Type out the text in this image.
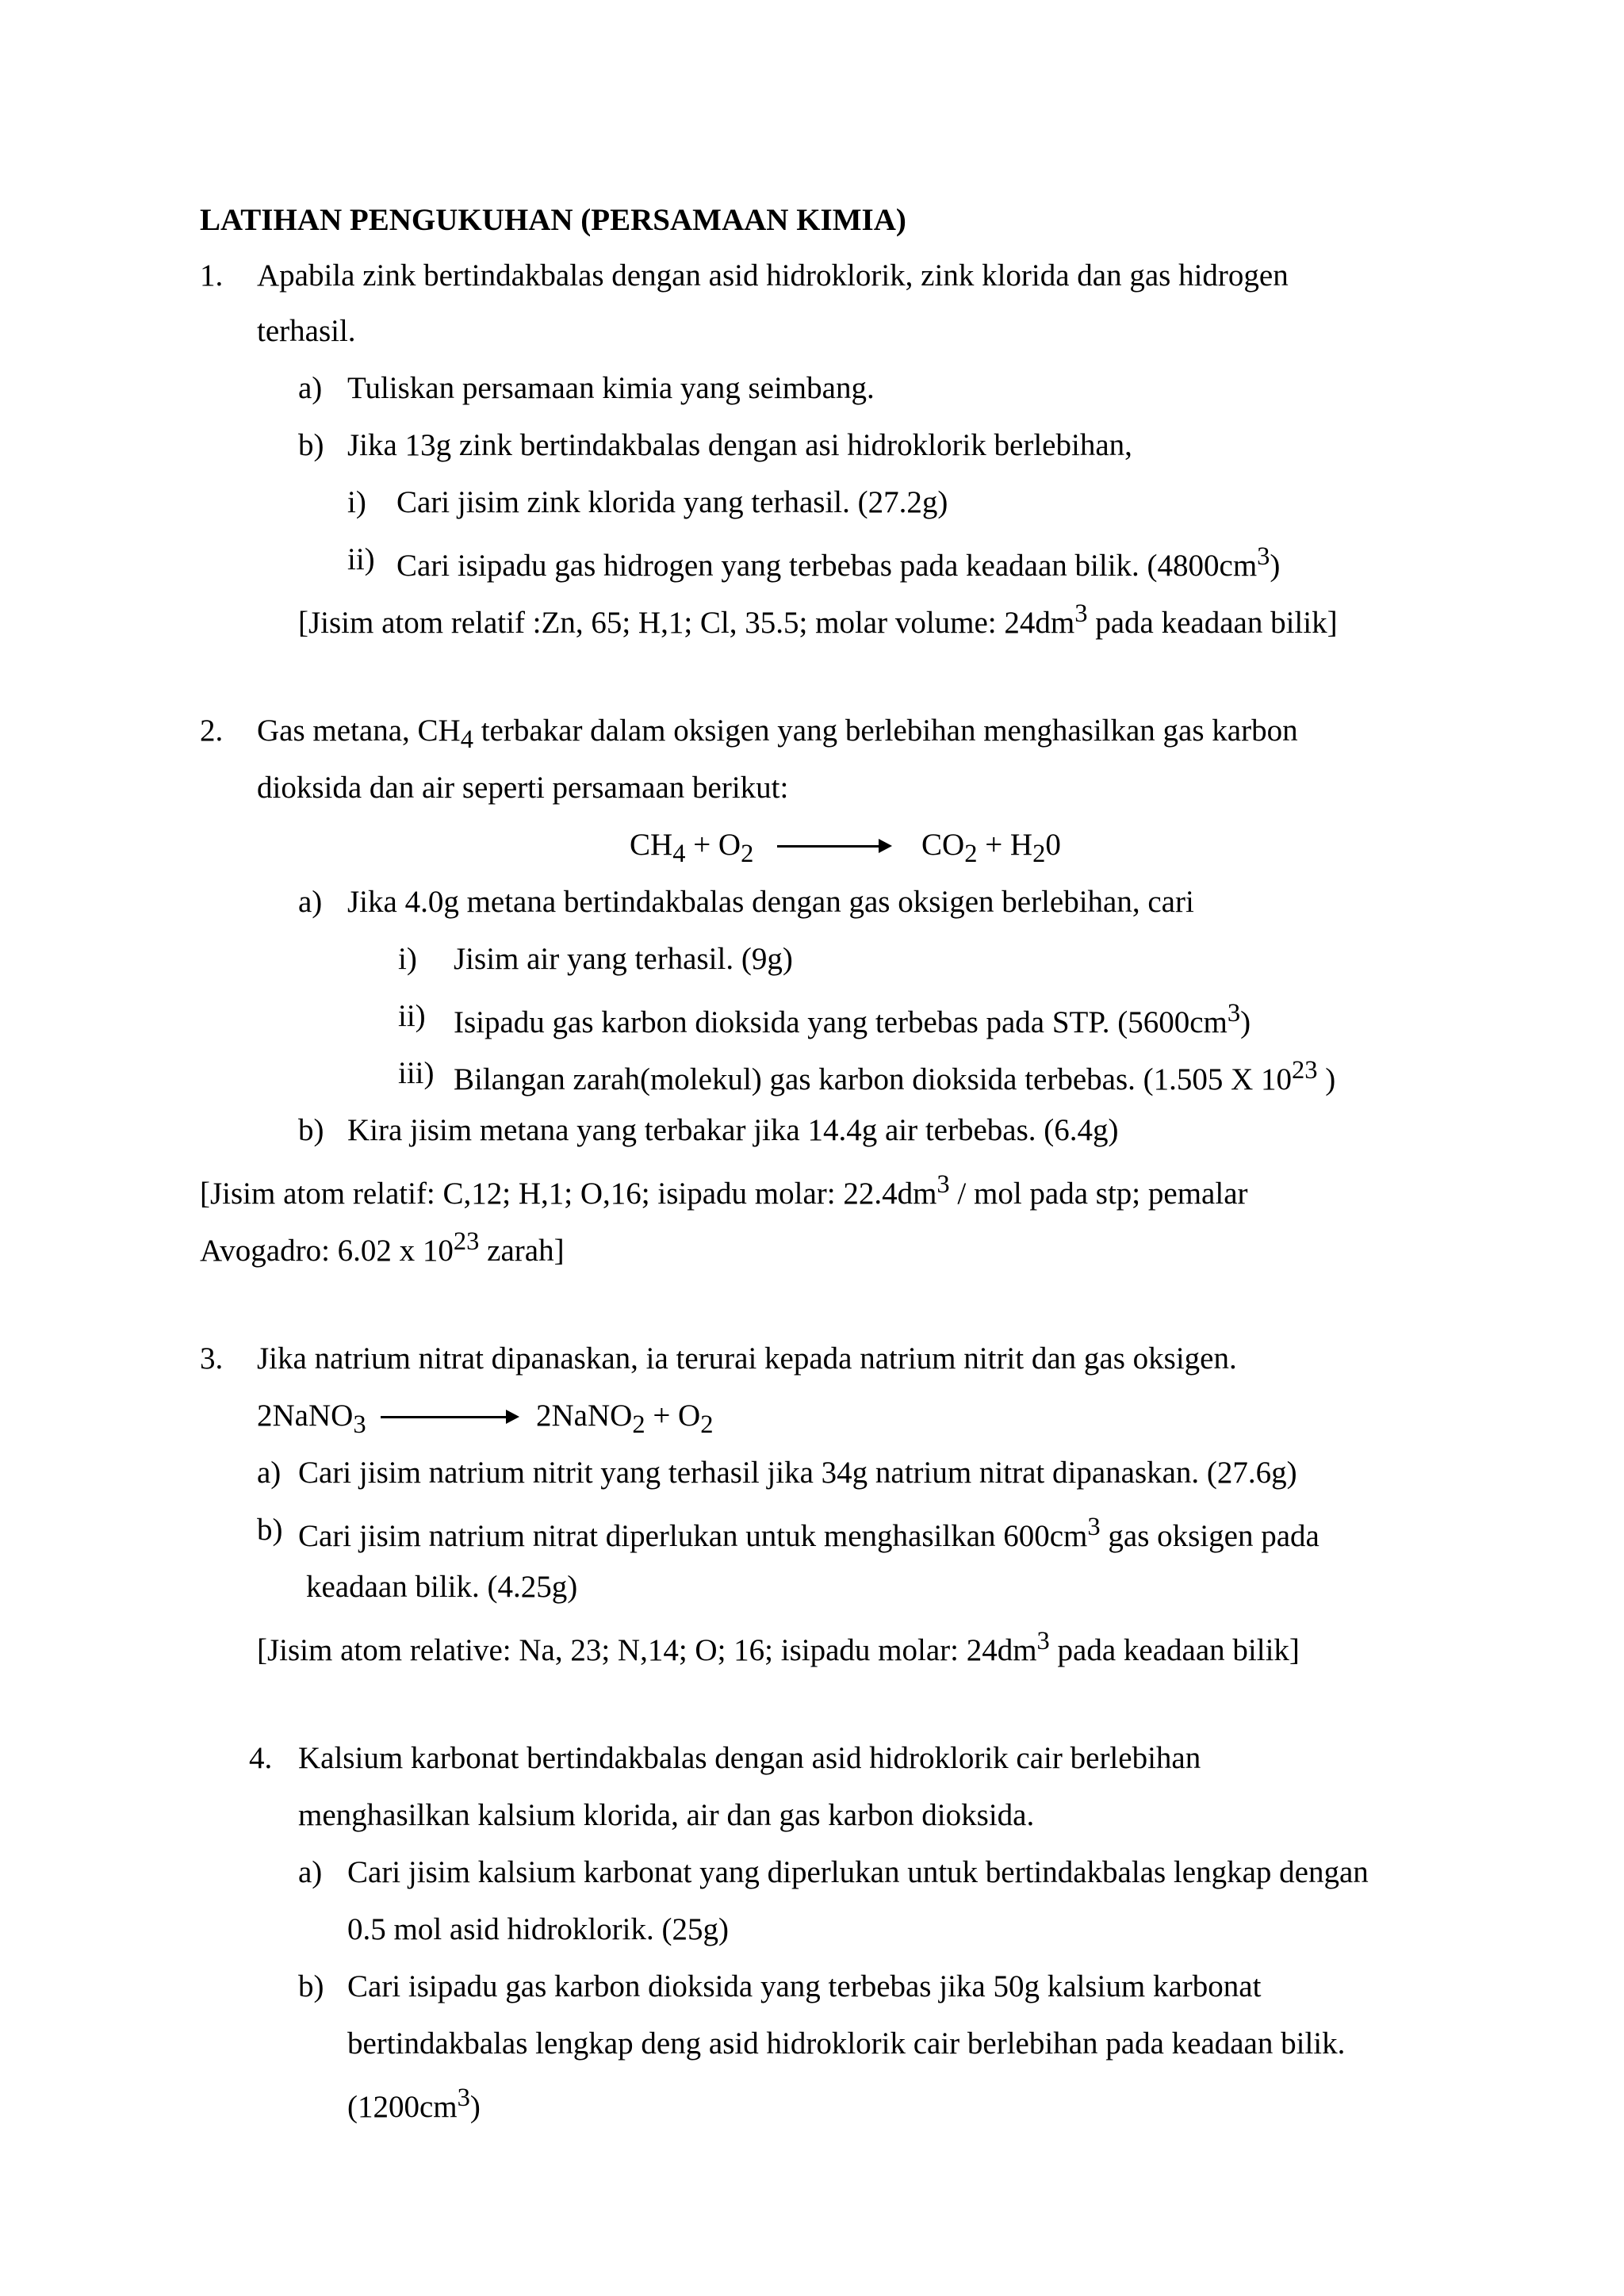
LATIHAN PENGUKUHAN (PERSAMAAN KIMIA)
1. Apabila zink bertindakbalas dengan asid hidroklorik, zink klorida dan gas hidrogen
terhasil.
a) Tuliskan persamaan kimia yang seimbang.
b) Jika 13g zink bertindakbalas dengan asi hidroklorik berlebihan,
i) Cari jisim zink klorida yang terhasil. (27.2g)
ii) Cari isipadu gas hidrogen yang terbebas pada keadaan bilik. $(4800cm^3)$
[Jisim atom relatif :Zn, 65; H,1; Cl, 35.5; molar volume: $24dm^3$ pada keadaan bilik]
2. Gas metana, $CH_4$ terbakar dalam oksigen yang berlebihan menghasilkan gas karbon
dioksida dan air seperti persamaan berikut:
$CH_4 + O_2$	$CO_2 + H_20$
a) Jika 4.0g metana bertindakbalas dengan gas oksigen berlebihan, cari
i) Jisim air yang terhasil. (9g)
ii) Isipadu gas karbon dioksida yang terbebas pada STP. $(5600cm^3)$
iii) Bilangan zarah(molekul) gas karbon dioksida terbebas. (1.505 X $10^{23}$ )
b) Kira jisim metana yang terbakar jika 14.4g air terbebas. (6.4g)
[Jisim atom relatif: C,12; H,1; O,16; isipadu molar: $22.4dm^3$ / mol pada stp; pemalar
Avogadro: 6.02 x $10^{23}$ zarah]
3. Jika natrium nitrat dipanaskan, ia terurai kepada natrium nitrit dan gas oksigen.
2NaNO$_3$	2NaNO$_2$ + $O_2$
a) Cari jisim natrium nitrit yang terhasil jika 34g natrium nitrat dipanaskan. (27.6g)
b) Cari jisim natrium nitrat diperlukan untuk menghasilkan $600cm^3$ gas oksigen pada
keadaan bilik. (4.25g)
[Jisim atom relative: Na, 23; N,14; O; 16; isipadu molar: $24dm^3$ pada keadaan bilik]
4. Kalsium karbonat bertindakbalas dengan asid hidroklorik cair berlebihan
menghasilkan kalsium klorida, air dan gas karbon dioksida.
a) Cari jisim kalsium karbonat yang diperlukan untuk bertindakbalas lengkap dengan
0.5 mol asid hidroklorik. (25g)
b) Cari isipadu gas karbon dioksida yang terbebas jika 50g kalsium karbonat
bertindakbalas lengkap deng asid hidroklorik cair berlebihan pada keadaan bilik.
$(1200cm^3)$
